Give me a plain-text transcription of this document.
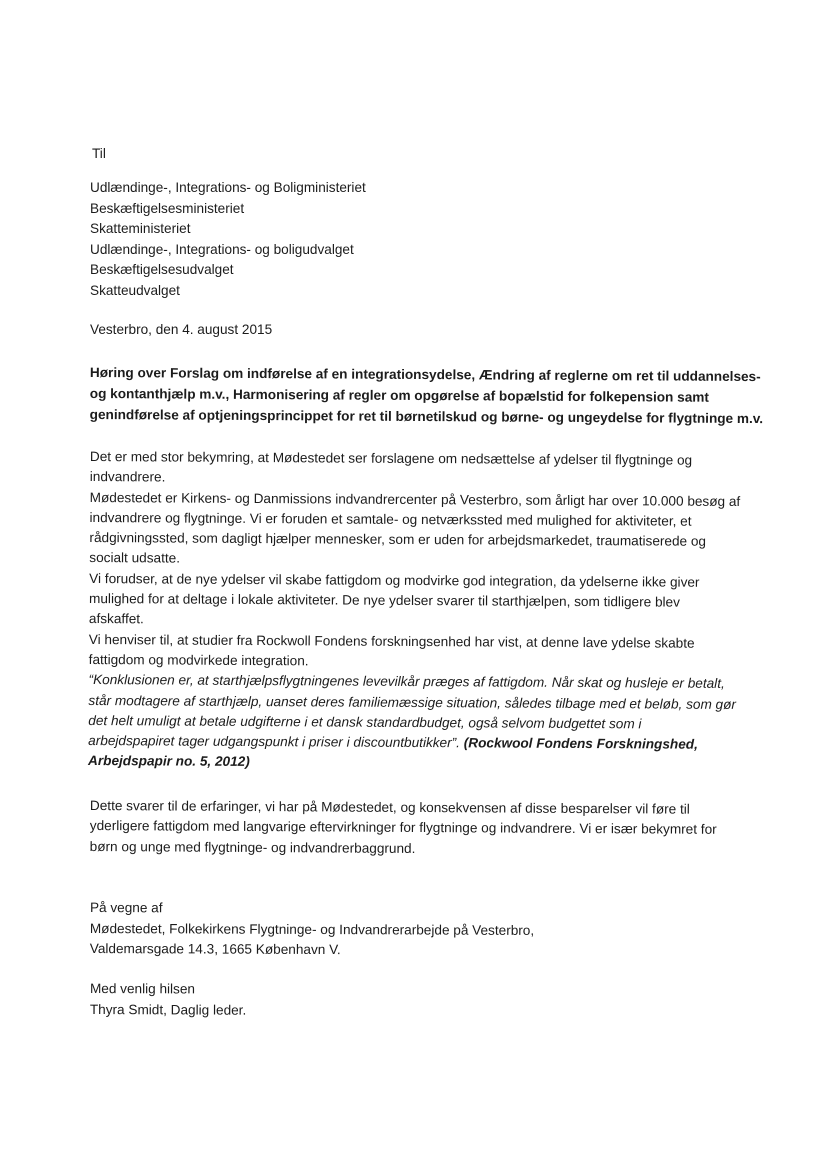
Til
Udlændinge-, Integrations- og Boligministeriet
Beskæftigelsesministeriet
Skatteministeriet
Udlændinge-, Integrations- og boligudvalget
Beskæftigelsesudvalget
Skatteudvalget
Vesterbro, den 4. august 2015
Høring over Forslag om indførelse af en integrationsydelse, Ændring af reglerne om ret til uddannelses-
og kontanthjælp m.v., Harmonisering af regler om opgørelse af bopælstid for folkepension samt
genindførelse af optjeningsprincippet for ret til børnetilskud og børne- og ungeydelse for flygtninge m.v.
Det er med stor bekymring, at Mødestedet ser forslagene om nedsættelse af ydelser til flygtninge og
indvandrere.
Mødestedet er Kirkens- og Danmissions indvandrercenter på Vesterbro, som årligt har over 10.000 besøg af
indvandrere og flygtninge. Vi er foruden et samtale- og netværkssted med mulighed for aktiviteter, et
rådgivningssted, som dagligt hjælper mennesker, som er uden for arbejdsmarkedet, traumatiserede og
socialt udsatte.
Vi forudser, at de nye ydelser vil skabe fattigdom og modvirke god integration, da ydelserne ikke giver
mulighed for at deltage i lokale aktiviteter. De nye ydelser svarer til starthjælpen, som tidligere blev
afskaffet.
Vi henviser til, at studier fra Rockwoll Fondens forskningsenhed har vist, at denne lave ydelse skabte
fattigdom og modvirkede integration.
“Konklusionen er, at starthjælpsflygtningenes levevilkår præges af fattigdom. Når skat og husleje er betalt,
står modtagere af starthjælp, uanset deres familiemæssige situation, således tilbage med et beløb, som gør
det helt umuligt at betale udgifterne i et dansk standardbudget, også selvom budgettet som i
arbejdspapiret tager udgangspunkt i priser i discountbutikker”. (Rockwool Fondens Forskningshed,
Arbejdspapir no. 5, 2012)
Dette svarer til de erfaringer, vi har på Mødestedet, og konsekvensen af disse besparelser vil føre til
yderligere fattigdom med langvarige eftervirkninger for flygtninge og indvandrere. Vi er især bekymret for
børn og unge med flygtninge- og indvandrerbaggrund.
På vegne af
Mødestedet, Folkekirkens Flygtninge- og Indvandrerarbejde på Vesterbro,
Valdemarsgade 14.3, 1665 København V.
Med venlig hilsen
Thyra Smidt, Daglig leder.
